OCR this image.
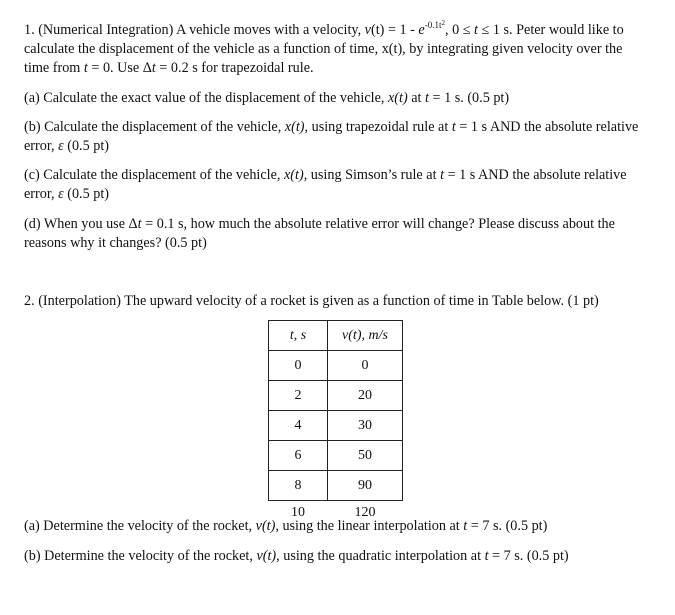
1. (Numerical Integration) A vehicle moves with a velocity, $v(t) = 1 - e^{-0.1t^2}$, 0 ≤ t ≤ 1 s. Peter would like to
calculate the displacement of the vehicle as a function of time, x(t), by integrating given velocity over the
time from t = 0. Use Δt = 0.2 s for trapezoidal rule.
(a) Calculate the exact value of the displacement of the vehicle, x(t) at t = 1 s. (0.5 pt)
(b) Calculate the displacement of the vehicle, x(t), using trapezoidal rule at t = 1 s AND the absolute relative
error, ε (0.5 pt)
(c) Calculate the displacement of the vehicle, x(t), using Simson’s rule at t = 1 s AND the absolute relative
error, ε (0.5 pt)
(d) When you use Δt = 0.1 s, how much the absolute relative error will change? Please discuss about the
reasons why it changes? (0.5 pt)
2. (Interpolation) The upward velocity of a rocket is given as a function of time in Table below. (1 pt)
t, s	v(t), m/s
0	0
2	20
4	30
6	50
8	90
10	120
(a) Determine the velocity of the rocket, v(t), using the linear interpolation at t = 7 s. (0.5 pt)
(b) Determine the velocity of the rocket, v(t), using the quadratic interpolation at t = 7 s. (0.5 pt)
